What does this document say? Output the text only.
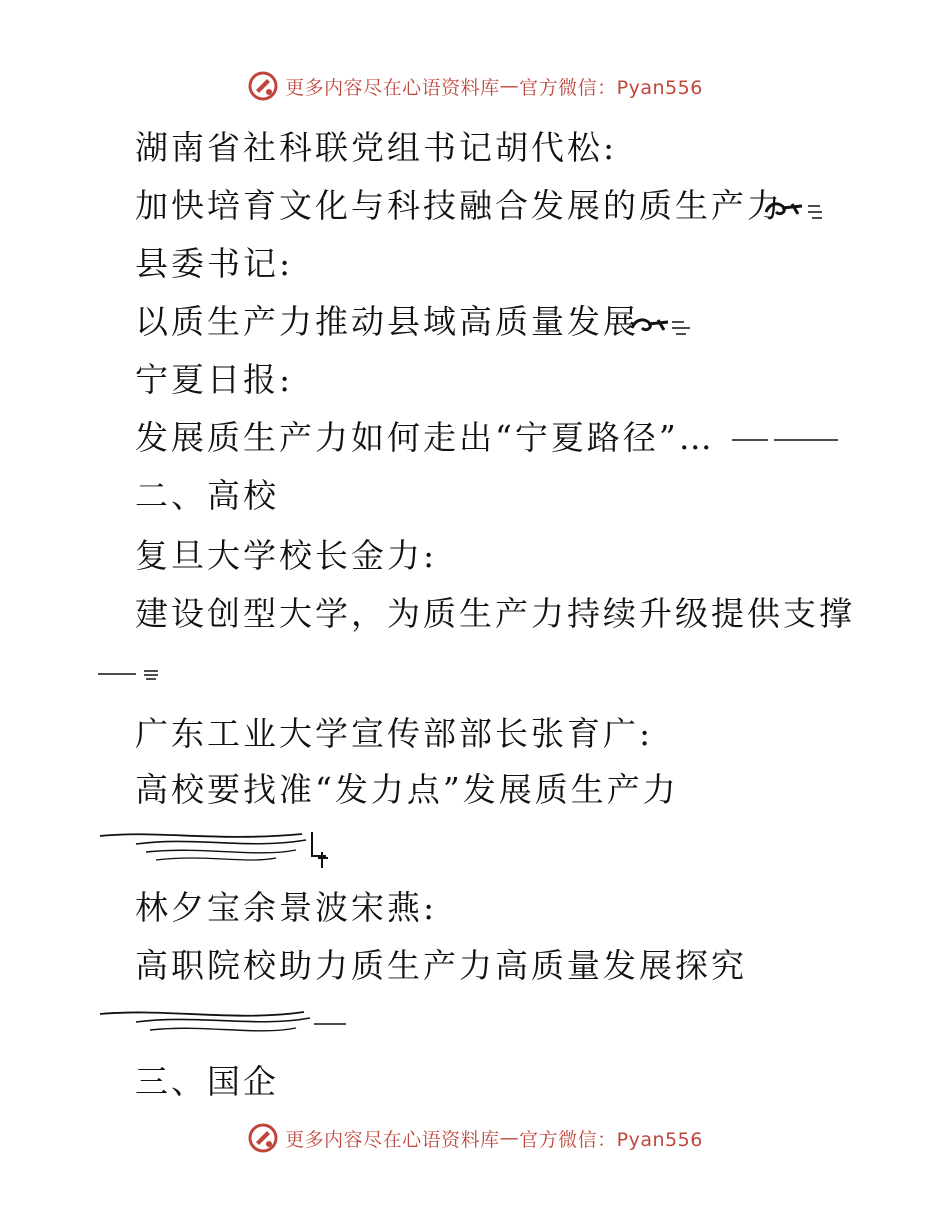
更多内容尽在心语资料库 — 官方微信：Pyan556
湖南省社科联党组书记胡代松:
加快培育文化与科技融合发展的质生产力
县委书记:
以质生产力推动县域高质量发展
宁夏日报:
发展质生产力如何走出“宁夏路径”…
二、高校
复旦大学校长金力:
建设创型大学，为质生产力持续升级提供支撑
广东工业大学宣传部部长张育广:
高校要找准“发力点”发展质生产力
林夕宝余景波宋燕:
高职院校助力质生产力高质量发展探究
三、国企
更多内容尽在心语资料库 — 官方微信：Pyan556
